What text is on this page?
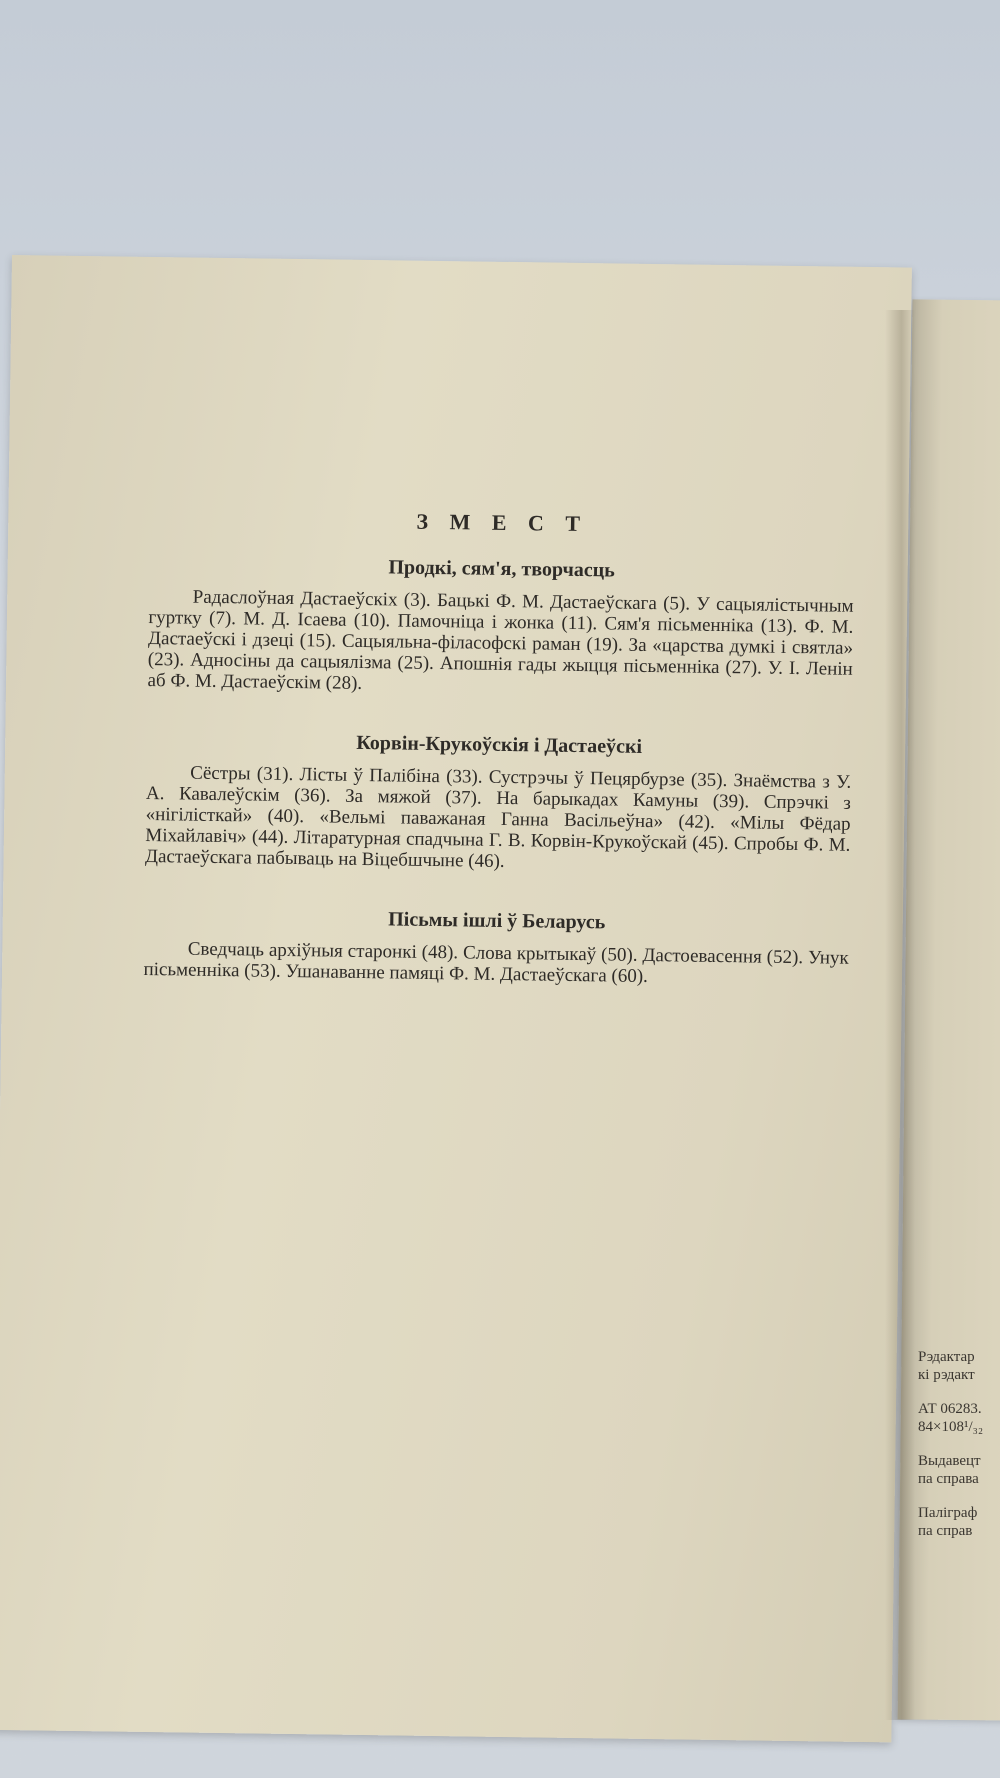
З М Е С Т
Продкі, сям'я, творчасць
Радаслоўная Дастаеўскіх (3). Бацькі Ф. М. Дастаеўскага (5). У сацыялістычным гуртку (7). М. Д. Ісаева (10). Памочніца і жонка (11). Сям'я пісьменніка (13). Ф. М. Дастаеўскі і дзеці (15). Сацыяльна-філасофскі раман (19). За «царства думкі і святла» (23). Адносіны да сацыялізма (25). Апошнія гады жыцця пісьменніка (27). У. І. Ленін аб Ф. М. Дастаеўскім (28).
Корвін-Крукоўскія і Дастаеўскі
Сёстры (31). Лісты ў Палібіна (33). Сустрэчы ў Пецярбурзе (35). Знаёмства з У. А. Кавалеўскім (36). За мяжой (37). На барыкадах Камуны (39). Спрэчкі з «нігілісткай» (40). «Вельмі паважаная Ганна Васільеўна» (42). «Мілы Фёдар Міхайлавіч» (44). Літаратурная спадчына Г. В. Корвін-Крукоўскай (45). Спробы Ф. М. Дастаеўскага пабываць на Віцебшчыне (46).
Пісьмы ішлі ў Беларусь
Сведчаць архіўныя старонкі (48). Слова крытыкаў (50). Дастоевасення (52). Унук пісьменніка (53). Ушанаванне памяці Ф. М. Дастаеўскага (60).
Рэдактар
кі рэдакт
АТ 06283.
84×108¹/₃₂
Выдавецт
па справа
Паліграф
па справ
